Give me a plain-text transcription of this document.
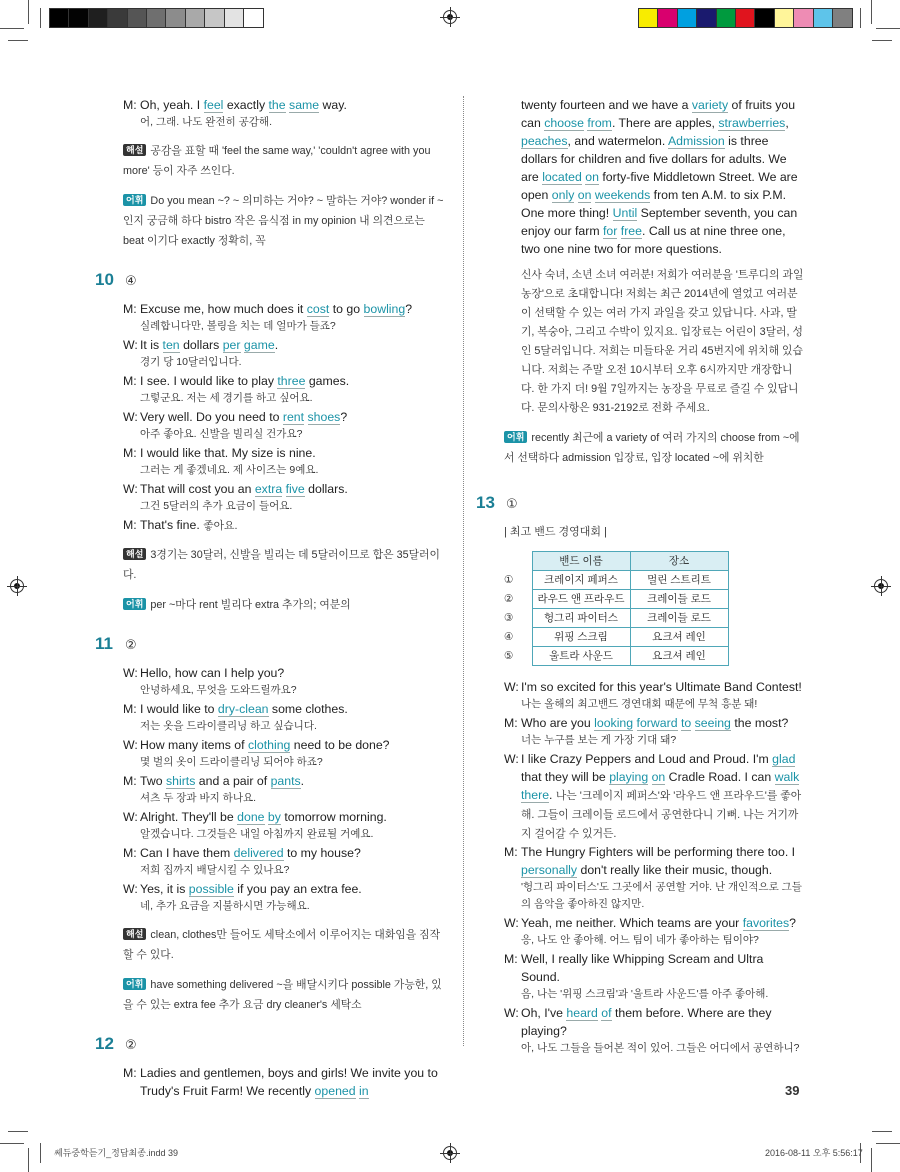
M: Oh, yeah. I feel exactly the same way.
어, 그래. 나도 완전히 공감해.
해설 공감을 표할 때 'feel the same way,' 'couldn't agree with you more' 등이 자주 쓰인다.
어휘 Do you mean ~? ~ 의미하는 거야? ~ 말하는 거야? wonder if ~인지 궁금해 하다 bistro 작은 음식점 in my opinion 내 의견으로는 beat 이기다 exactly 정확히, 꼭
10 ④
M: Excuse me, how much does it cost to go bowling?
실례합니다만, 볼링을 치는 데 얼마가 들죠?
W: It is ten dollars per game.
경기 당 10달러입니다.
M: I see. I would like to play three games.
그렇군요. 저는 세 경기를 하고 싶어요.
W: Very well. Do you need to rent shoes?
아주 좋아요. 신발을 빌리실 건가요?
M: I would like that. My size is nine.
그러는 게 좋겠네요. 제 사이즈는 9예요.
W: That will cost you an extra five dollars.
그건 5달러의 추가 요금이 들어요.
M: That's fine. 좋아요.
해설 3경기는 30달러, 신발을 빌리는 데 5달러이므로 합은 35달러이다.
어휘 per ~마다 rent 빌리다 extra 추가의; 여분의
11 ②
W: Hello, how can I help you?
안녕하세요, 무엇을 도와드릴까요?
M: I would like to dry-clean some clothes.
저는 옷을 드라이클리닝 하고 싶습니다.
W: How many items of clothing need to be done?
몇 벌의 옷이 드라이클리닝 되어야 하죠?
M: Two shirts and a pair of pants.
셔츠 두 장과 바지 하나요.
W: Alright. They'll be done by tomorrow morning.
알겠습니다. 그것들은 내일 아침까지 완료될 거예요.
M: Can I have them delivered to my house?
저희 집까지 배달시킬 수 있나요?
W: Yes, it is possible if you pay an extra fee.
네, 추가 요금을 지불하시면 가능해요.
해설 clean, clothes만 들어도 세탁소에서 이루어지는 대화임을 짐작할 수 있다.
어휘 have something delivered ~을 배달시키다 possible 가능한, 있을 수 있는 extra fee 추가 요금 dry cleaner's 세탁소
12 ②
M: Ladies and gentlemen, boys and girls! We invite you to Trudy's Fruit Farm! We recently opened in
twenty fourteen and we have a variety of fruits you can choose from. There are apples, strawberries, peaches, and watermelon. Admission is three dollars for children and five dollars for adults. We are located on forty-five Middletown Street. We are open only on weekends from ten A.M. to six P.M. One more thing! Until September seventh, you can enjoy our farm for free. Call us at nine three one, two one nine two for more questions.
신사 숙녀, 소년 소녀 여러분! 저희가 여러분을 '트루디의 과일농장'으로 초대합니다! 저희는 최근 2014년에 열었고 여러분이 선택할 수 있는 여러 가지 과일을 갖고 있답니다. 사과, 딸기, 복숭아, 그리고 수박이 있지요. 입장료는 어린이 3달러, 성인 5달러입니다. 저희는 미들타운 거리 45번지에 위치해 있습니다. 저희는 주말 오전 10시부터 오후 6시까지만 개장합니다. 한 가지 더! 9월 7일까지는 농장을 무료로 즐길 수 있답니다. 문의사항은 931-2192로 전화 주세요.
어휘 recently 최근에 a variety of 여러 가지의 choose from ~에서 선택하다 admission 입장료, 입장 located ~에 위치한
13 ①
| 최고 밴드 경영대회 |
	밴드 이름	장소
①	크레이지 페퍼스	멀린 스트리트
②	라우드 앤 프라우드	크레이들 로드
③	헝그리 파이터스	크레이들 로드
④	위핑 스크림	요크셔 레인
⑤	울트라 사운드	요크셔 레인
W: I'm so excited for this year's Ultimate Band Contest!
나는 올해의 최고밴드 경연대회 때문에 무척 흥분 돼!
M: Who are you looking forward to seeing the most?
너는 누구를 보는 게 가장 기대 돼?
W: I like Crazy Peppers and Loud and Proud. I'm glad that they will be playing on Cradle Road. I can walk there. 나는 '크레이지 페퍼스'와 '라우드 앤 프라우드'를 좋아해. 그들이 크레이들 로드에서 공연한다니 기뻐. 나는 거기까지 걸어갈 수 있거든.
M: The Hungry Fighters will be performing there too. I personally don't really like their music, though.
'헝그리 파이터스'도 그곳에서 공연할 거야. 난 개인적으로 그들의 음악을 좋아하진 않지만.
W: Yeah, me neither. Which teams are your favorites?
응, 나도 안 좋아해. 어느 팀이 네가 좋아하는 팀이야?
M: Well, I really like Whipping Scream and Ultra Sound.
음, 나는 '위핑 스크림'과 '울트라 사운드'를 아주 좋아해.
W: Oh, I've heard of them before. Where are they playing?
아, 나도 그들을 들어본 적이 있어. 그들은 어디에서 공연하니?
39
쎄듀중학듣기_정답최종.indd 39	2016-08-11 오후 5:56:17
